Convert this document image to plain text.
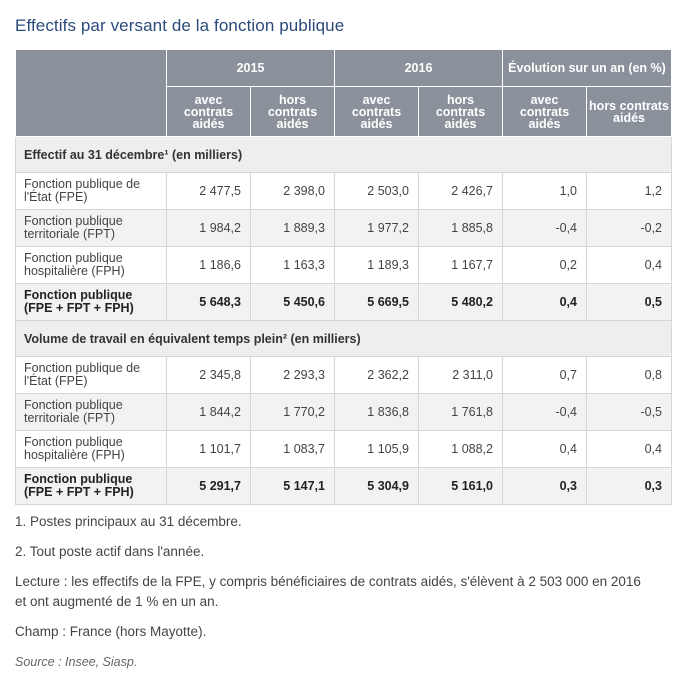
Effectifs par versant de la fonction publique
	2015		2016		Évolution sur un an (en %)	
	avec contrats aidés	hors contrats aidés	avec contrats aidés	hors contrats aidés	avec contrats aidés	hors contrats aidés
Effectif au 31 décembre¹ (en milliers)						
Fonction publique de l'État (FPE)	2 477,5	2 398,0	2 503,0	2 426,7	1,0	1,2
Fonction publique territoriale (FPT)	1 984,2	1 889,3	1 977,2	1 885,8	-0,4	-0,2
Fonction publique hospitalière (FPH)	1 186,6	1 163,3	1 189,3	1 167,7	0,2	0,4
Fonction publique (FPE + FPT + FPH)	5 648,3	5 450,6	5 669,5	5 480,2	0,4	0,5
Volume de travail en équivalent temps plein² (en milliers)						
Fonction publique de l'État (FPE)	2 345,8	2 293,3	2 362,2	2 311,0	0,7	0,8
Fonction publique territoriale (FPT)	1 844,2	1 770,2	1 836,8	1 761,8	-0,4	-0,5
Fonction publique hospitalière (FPH)	1 101,7	1 083,7	1 105,9	1 088,2	0,4	0,4
Fonction publique (FPE + FPT + FPH)	5 291,7	5 147,1	5 304,9	5 161,0	0,3	0,3

1. Postes principaux au 31 décembre.

2. Tout poste actif dans l'année.

Lecture : les effectifs de la FPE, y compris bénéficiaires de contrats aidés, s'élèvent à 2 503 000 en 2016 et ont augmenté de 1 % en un an.

Champ : France (hors Mayotte).

Source : Insee, Siasp.
